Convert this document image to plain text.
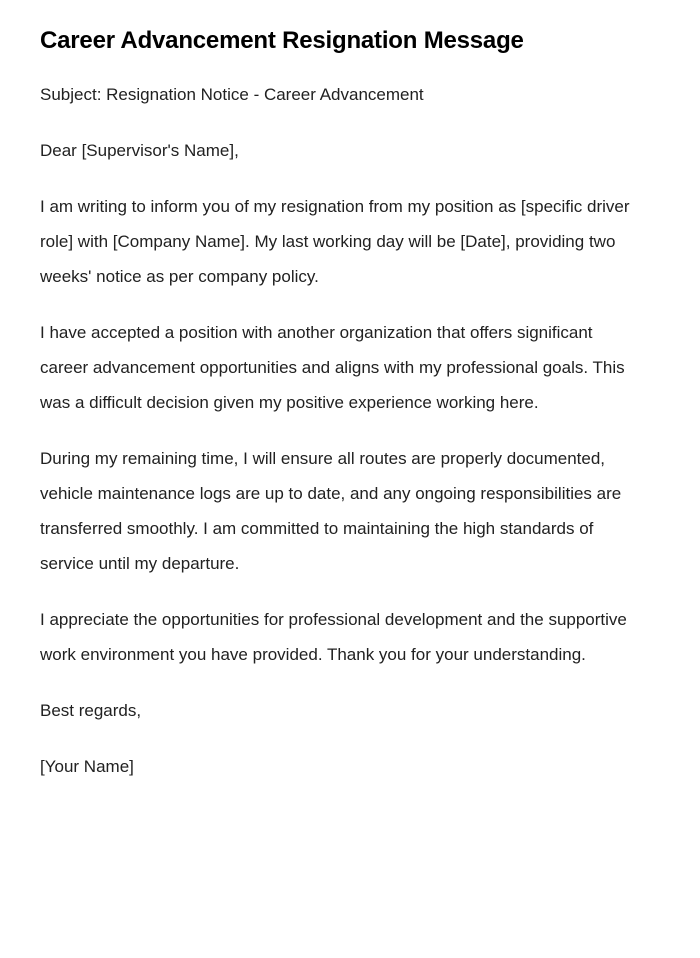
Career Advancement Resignation Message

Subject: Resignation Notice - Career Advancement

Dear [Supervisor's Name],

I am writing to inform you of my resignation from my position as [specific driver role] with [Company Name]. My last working day will be [Date], providing two weeks' notice as per company policy.

I have accepted a position with another organization that offers significant career advancement opportunities and aligns with my professional goals. This was a difficult decision given my positive experience working here.

During my remaining time, I will ensure all routes are properly documented, vehicle maintenance logs are up to date, and any ongoing responsibilities are transferred smoothly. I am committed to maintaining the high standards of service until my departure.

I appreciate the opportunities for professional development and the supportive work environment you have provided. Thank you for your understanding.

Best regards,

[Your Name]
